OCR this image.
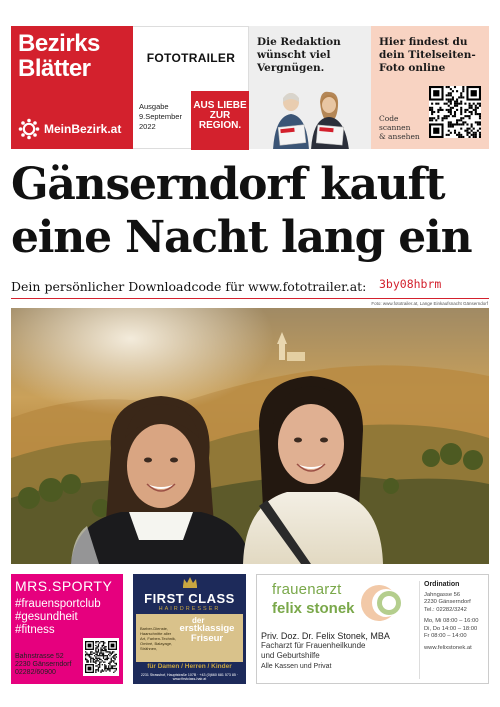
Bezirks
Blätter
MeinBezirk.at
FOTOTRAILER
Ausgabe
9.September
2022
AUS LIEBE
ZUR
REGION.
Die Redaktion
wünscht viel
Vergnügen.
Hier findest du
dein Titelseiten-
Foto online
Code
scannen
& ansehen
Gänserndorf kauft
eine Nacht lang ein
Dein persönlicher Downloadcode für www.fototrailer.at: 3by08hbrm
Foto: www.fototrailer.at, Lange Einkaufsnacht Gänserndorf
MRS.SPORTY
#frauensportclub
#gesundheit
#fitness
Bahnstrasse 52
2230 Gänserndorf
02282/60900
FIRST CLASS
HAIRDRESSER
Barber-Dienste, Haarschnitte aller Art, Farben-Technik, Ombré, Balayage, Strähnen,
der
erstklassige
Friseur
für Damen / Herren / Kinder
2231 Strasshof, Hauptstraße 107B · +43 (0)660 681 573 85 · www.firstclass-hair.at
frauenarzt
felix stonek
Priv. Doz. Dr. Felix Stonek, MBA
Facharzt für Frauenheilkunde
und Geburtshilfe
Alle Kassen und Privat
Ordination
Jahngasse 56
2230 Gänserndorf
Tel.: 02282/3242
Mo, Mi 08:00 – 16:00
Di, Do 14:00 – 18:00
Fr 08:00 – 14:00
www.felixstonek.at
